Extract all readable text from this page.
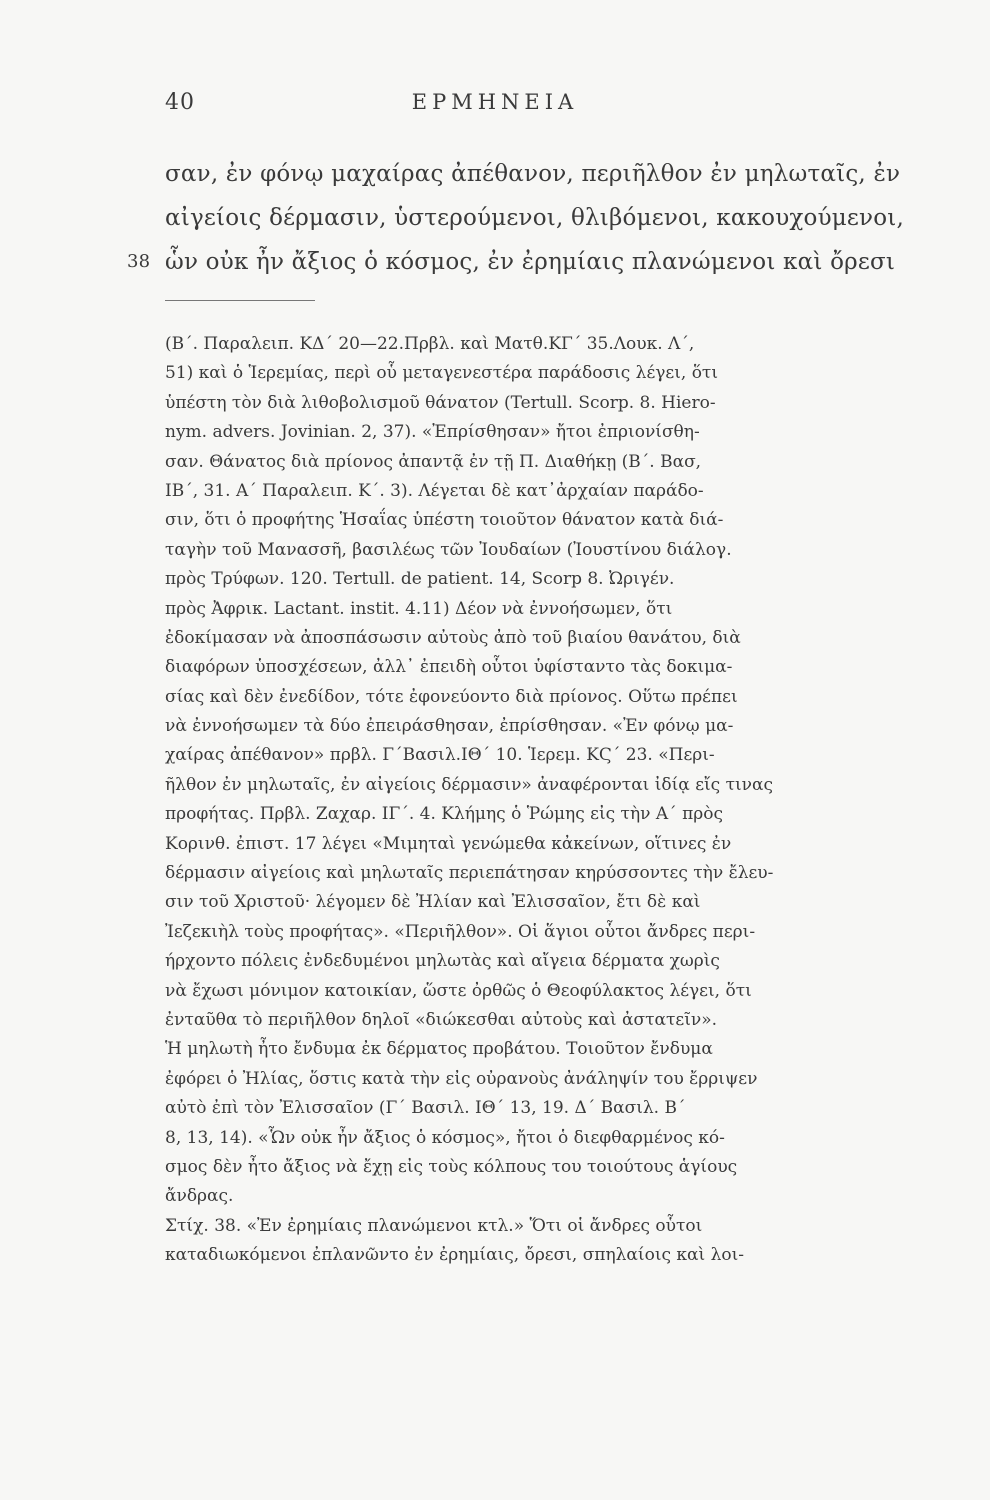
40	ΕΡΜΗΝΕΙΑ
σαν, ἐν φόνῳ μαχαίρας ἀπέθανον, περιῆλθον ἐν μηλωταῖς, ἐν
αἰγείοις δέρμασιν, ὑστερούμενοι, θλιβόμενοι, κακουχούμενοι,
38 ὧν οὐκ ἦν ἄξιος ὁ κόσμος, ἐν ἐρημίαις πλανώμενοι καὶ ὄρεσι
(Β΄. Παραλειπ. ΚΔ΄ 20—22.Πρβλ. καὶ Ματθ.ΚΓ΄ 35.Λουκ. Λ΄,
51) καὶ ὁ Ἱερεμίας, περὶ οὗ μεταγενεστέρα παράδοσις λέγει, ὅτι
ὑπέστη τὸν διὰ λιθοβολισμοῦ θάνατον (Tertull. Scorp. 8. Hiero-
nym. advers. Jovinian. 2, 37). «Ἐπρίσθησαν» ἤτοι ἐπριονίσθη-
σαν. Θάνατος διὰ πρίονος ἀπαντᾷ ἐν τῇ Π. Διαθήκῃ (Β΄. Βασ,
ΙΒ΄, 31. Α΄ Παραλειπ. Κ΄. 3). Λέγεται δὲ κατ᾽ἀρχαίαν παράδο-
σιν, ὅτι ὁ προφήτης Ἡσαΐας ὑπέστη τοιοῦτον θάνατον κατὰ διά-
ταγὴν τοῦ Μανασσῆ, βασιλέως τῶν Ἰουδαίων (Ἰουστίνου διάλογ.
πρὸς Τρύφων. 120. Tertull. de patient. 14, Scorp 8. Ὠριγέν.
πρὸς Ἀφρικ. Lactant. instit. 4.11) Δέον νὰ ἐννοήσωμεν, ὅτι
ἐδοκίμασαν νὰ ἀποσπάσωσιν αὐτοὺς ἀπὸ τοῦ βιαίου θανάτου, διὰ
διαφόρων ὑποσχέσεων, ἀλλ᾽ ἐπειδὴ οὗτοι ὑφίσταντο τὰς δοκιμα-
σίας καὶ δὲν ἐνεδίδον, τότε ἐφονεύοντο διὰ πρίονος. Οὕτω πρέπει
νὰ ἐννοήσωμεν τὰ δύο ἐπειράσθησαν, ἐπρίσθησαν. «Ἐν φόνῳ μα-
χαίρας ἀπέθανον» πρβλ. Γ΄Βασιλ.ΙΘ΄ 10. Ἱερεμ. ΚϚ΄ 23. «Περι-
ῆλθον ἐν μηλωταῖς, ἐν αἰγείοις δέρμασιν» ἀναφέρονται ἰδίᾳ εἴς τινας
προφήτας. Πρβλ. Ζαχαρ. ΙΓ΄. 4. Κλήμης ὁ Ῥώμης εἰς τὴν Α΄ πρὸς
Κορινθ. ἐπιστ. 17 λέγει «Μιμηταὶ γενώμεθα κἀκείνων, οἵτινες ἐν
δέρμασιν αἰγείοις καὶ μηλωταῖς περιεπάτησαν κηρύσσοντες τὴν ἔλευ-
σιν τοῦ Χριστοῦ· λέγομεν δὲ Ἠλίαν καὶ Ἐλισσαῖον, ἔτι δὲ καὶ
Ἰεζεκιὴλ τοὺς προφήτας». «Περιῆλθον». Οἱ ἅγιοι οὗτοι ἄνδρες περι-
ήρχοντο πόλεις ἐνδεδυμένοι μηλωτὰς καὶ αἴγεια δέρματα χωρὶς
νὰ ἔχωσι μόνιμον κατοικίαν, ὥστε ὀρθῶς ὁ Θεοφύλακτος λέγει, ὅτι
ἐνταῦθα τὸ περιῆλθον δηλοῖ «διώκεσθαι αὐτοὺς καὶ ἀστατεῖν».
Ἡ μηλωτὴ ἦτο ἔνδυμα ἐκ δέρματος προβάτου. Τοιοῦτον ἔνδυμα
ἐφόρει ὁ Ἠλίας, ὅστις κατὰ τὴν εἰς οὐρανοὺς ἀνάληψίν του ἔρριψεν
αὐτὸ ἐπὶ τὸν Ἐλισσαῖον (Γ΄ Βασιλ. ΙΘ΄ 13, 19. Δ΄ Βασιλ. Β΄
8, 13, 14). «Ὧν οὐκ ἦν ἄξιος ὁ κόσμος», ἤτοι ὁ διεφθαρμένος κό-
σμος δὲν ἦτο ἄξιος νὰ ἔχῃ εἰς τοὺς κόλπους του τοιούτους ἁγίους
ἄνδρας.
Στίχ. 38. «Ἐν ἐρημίαις πλανώμενοι κτλ.» Ὅτι οἱ ἄνδρες οὗτοι
καταδιωκόμενοι ἐπλανῶντο ἐν ἐρημίαις, ὄρεσι, σπηλαίοις καὶ λοι-
